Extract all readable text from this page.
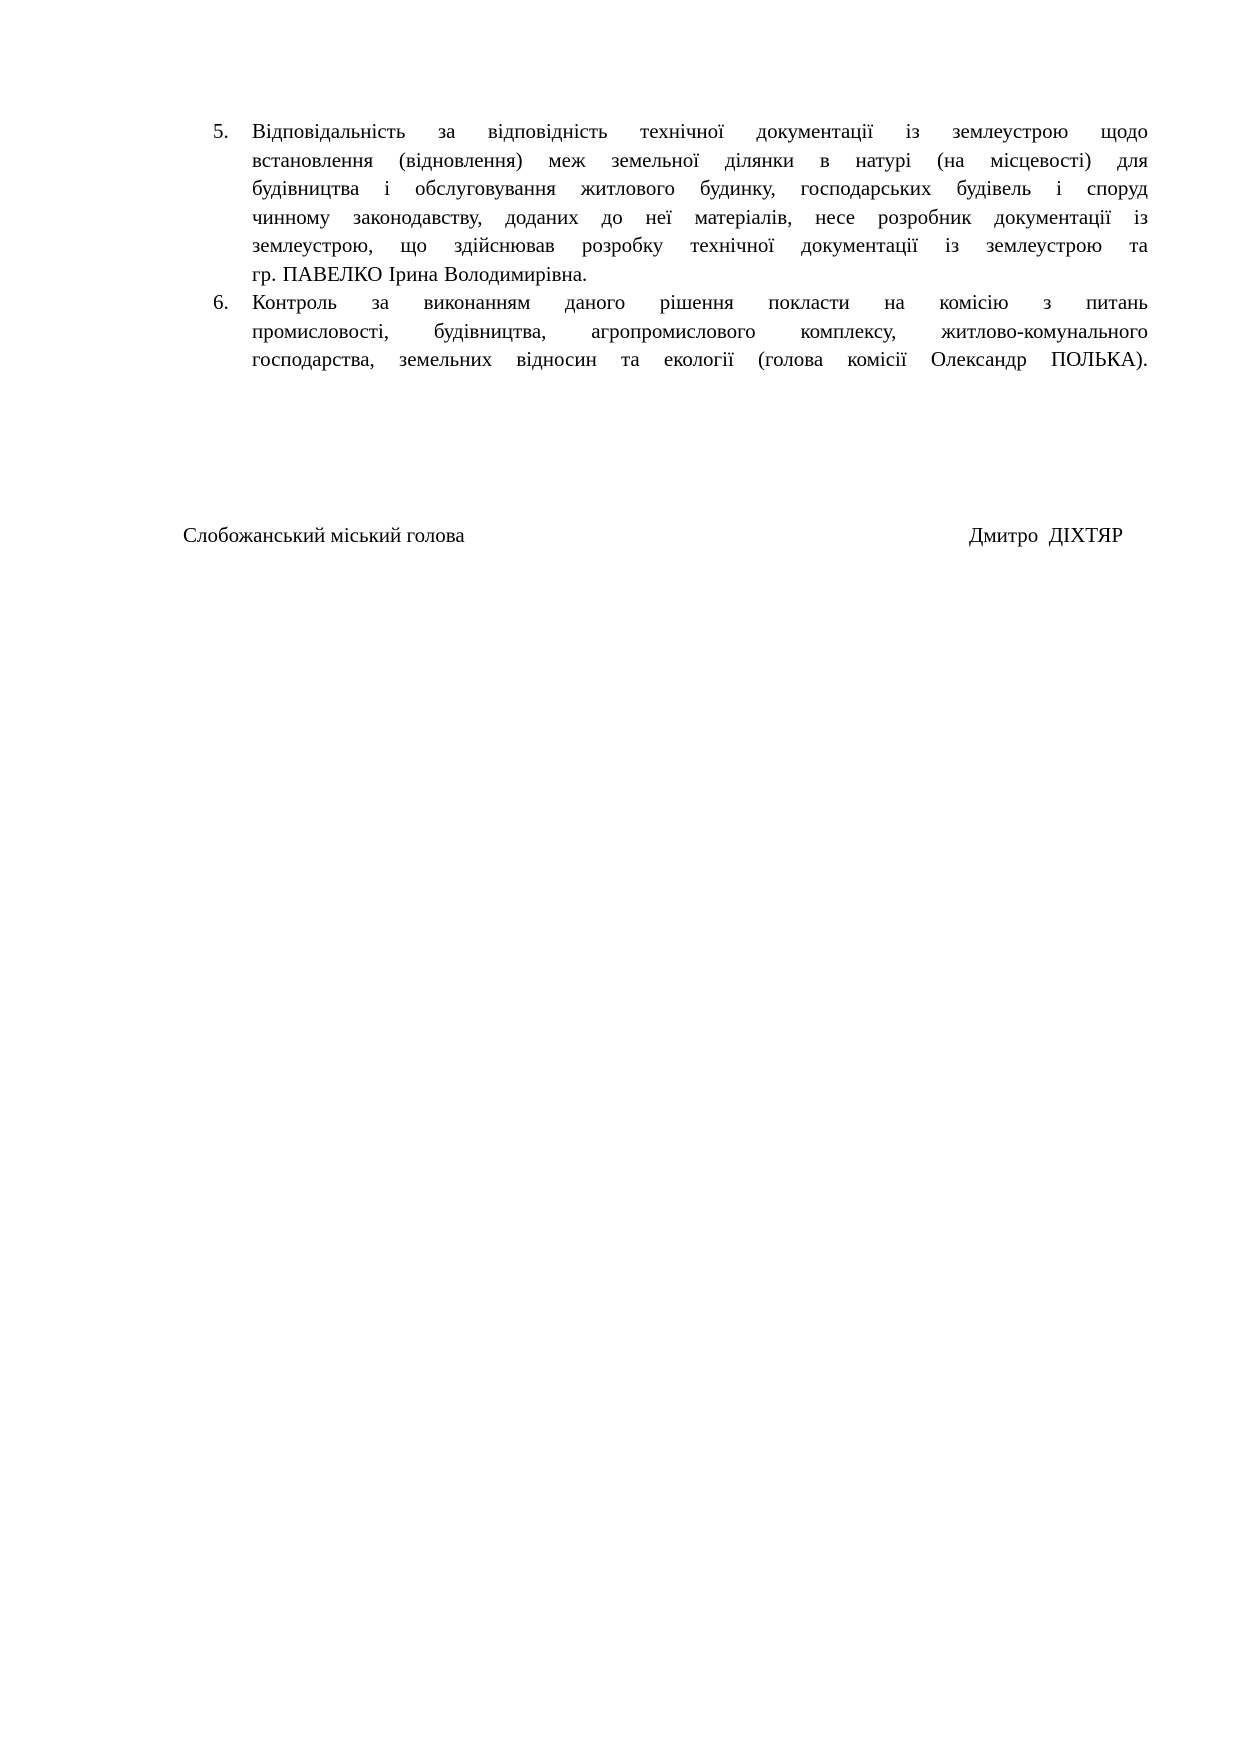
5. Відповідальність за відповідність технічної документації із землеустрою щодо
встановлення (відновлення) меж земельної ділянки в натурі (на місцевості) для
будівництва і обслуговування житлового будинку, господарських будівель і споруд
чинному законодавству, доданих до неї матеріалів, несе розробник документації із
землеустрою, що здійснював розробку технічної документації із землеустрою та
гр. ПАВЕЛКО Ірина Володимирівна.
6. Контроль за виконанням даного рішення покласти на комісію з питань
промисловості, будівництва, агропромислового комплексу, житлово-комунального
господарства, земельних відносин та екології (голова комісії Олександр ПОЛЬКА).
Слобожанський міський голова	Дмитро  ДІХТЯР
